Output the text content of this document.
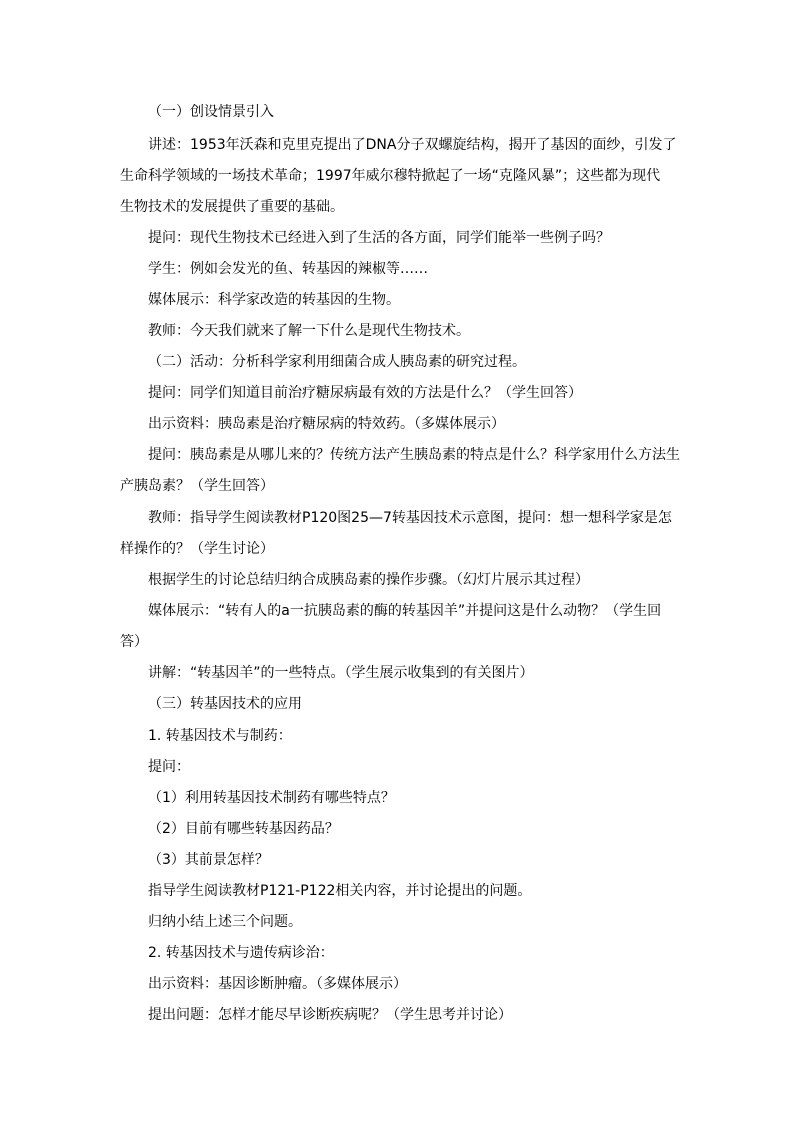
（一）创设情景引入
讲述：1953年沃森和克里克提出了DNA分子双螺旋结构，揭开了基因的面纱，引发了
生命科学领域的一场技术革命；1997年威尔穆特掀起了一场“克隆风暴”；这些都为现代
生物技术的发展提供了重要的基础。
提问：现代生物技术已经进入到了生活的各方面，同学们能举一些例子吗？
学生：例如会发光的鱼、转基因的辣椒等……
媒体展示：科学家改造的转基因的生物。
教师：今天我们就来了解一下什么是现代生物技术。
（二）活动：分析科学家利用细菌合成人胰岛素的研究过程。
提问：同学们知道目前治疗糖尿病最有效的方法是什么？（学生回答）
出示资料：胰岛素是治疗糖尿病的特效药。（多媒体展示）
提问：胰岛素是从哪儿来的？传统方法产生胰岛素的特点是什么？科学家用什么方法生
产胰岛素？（学生回答）
教师：指导学生阅读教材P120图25—7转基因技术示意图，提问：想一想科学家是怎
样操作的？（学生讨论）
根据学生的讨论总结归纳合成胰岛素的操作步骤。（幻灯片展示其过程）
媒体展示：“转有人的a一抗胰岛素的酶的转基因羊”并提问这是什么动物？（学生回
答）
讲解：“转基因羊”的一些特点。（学生展示收集到的有关图片）
（三）转基因技术的应用
1. 转基因技术与制药：
提问：
（1）利用转基因技术制药有哪些特点？
（2）目前有哪些转基因药品？
（3）其前景怎样？
指导学生阅读教材P121-P122相关内容，并讨论提出的问题。
归纳小结上述三个问题。
2. 转基因技术与遗传病诊治：
出示资料：基因诊断肿瘤。（多媒体展示）
提出问题：怎样才能尽早诊断疾病呢？（学生思考并讨论）
